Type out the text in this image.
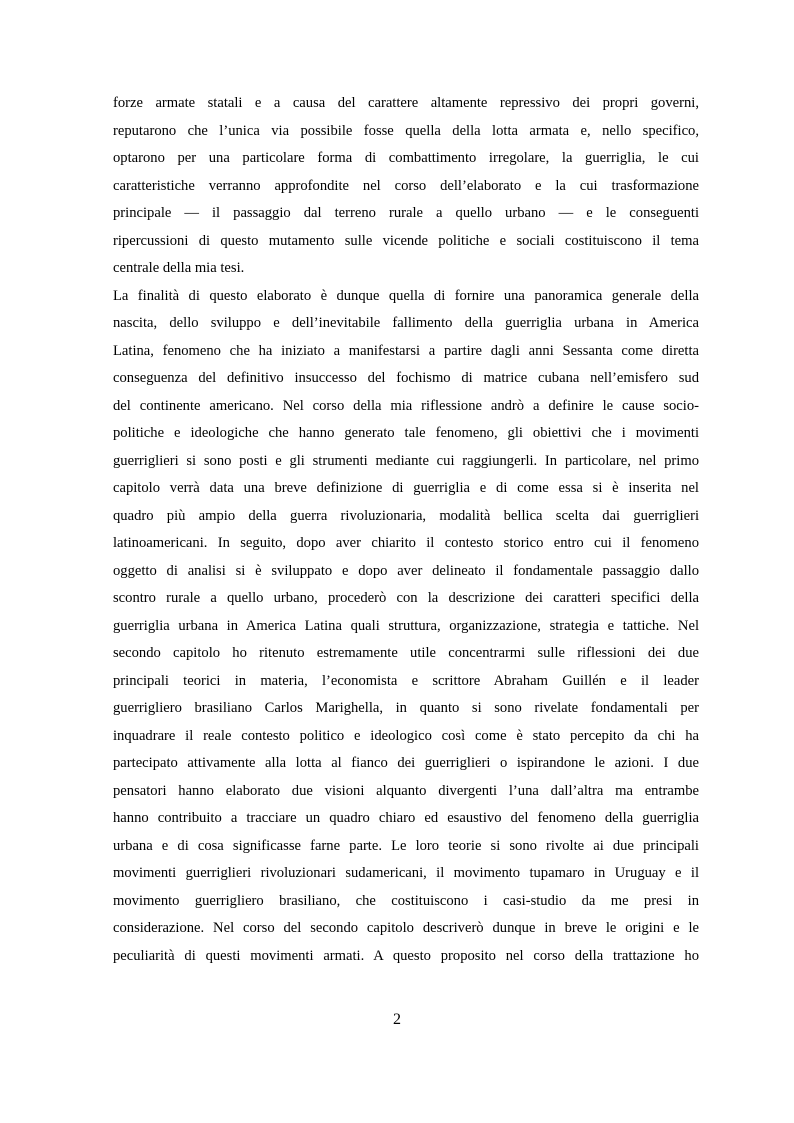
forze armate statali e a causa del carattere altamente repressivo dei propri governi,
reputarono che l’unica via possibile fosse quella della lotta armata e, nello specifico,
optarono per una particolare forma di combattimento irregolare, la guerriglia, le cui
caratteristiche verranno approfondite nel corso dell’elaborato e la cui trasformazione
principale — il passaggio dal terreno rurale a quello urbano — e le conseguenti
ripercussioni di questo mutamento sulle vicende politiche e sociali costituiscono il tema
centrale della mia tesi.
La finalità di questo elaborato è dunque quella di fornire una panoramica generale della
nascita, dello sviluppo e dell’inevitabile fallimento della guerriglia urbana in America
Latina, fenomeno che ha iniziato a manifestarsi a partire dagli anni Sessanta come diretta
conseguenza del definitivo insuccesso del fochismo di matrice cubana nell’emisfero sud
del continente americano. Nel corso della mia riflessione andrò a definire le cause socio-
politiche e ideologiche che hanno generato tale fenomeno, gli obiettivi che i movimenti
guerriglieri si sono posti e gli strumenti mediante cui raggiungerli. In particolare, nel primo
capitolo verrà data una breve definizione di guerriglia e di come essa si è inserita nel
quadro più ampio della guerra rivoluzionaria, modalità bellica scelta dai guerriglieri
latinoamericani. In seguito, dopo aver chiarito il contesto storico entro cui il fenomeno
oggetto di analisi si è sviluppato e dopo aver delineato il fondamentale passaggio dallo
scontro rurale a quello urbano, procederò con la descrizione dei caratteri specifici della
guerriglia urbana in America Latina quali struttura, organizzazione, strategia e tattiche. Nel
secondo capitolo ho ritenuto estremamente utile concentrarmi sulle riflessioni dei due
principali teorici in materia, l’economista e scrittore Abraham Guillén e il leader
guerrigliero brasiliano Carlos Marighella, in quanto si sono rivelate fondamentali per
inquadrare il reale contesto politico e ideologico così come è stato percepito da chi ha
partecipato attivamente alla lotta al fianco dei guerriglieri o ispirandone le azioni. I due
pensatori hanno elaborato due visioni alquanto divergenti l’una dall’altra ma entrambe
hanno contribuito a tracciare un quadro chiaro ed esaustivo del fenomeno della guerriglia
urbana e di cosa significasse farne parte. Le loro teorie si sono rivolte ai due principali
movimenti guerriglieri rivoluzionari sudamericani, il movimento tupamaro in Uruguay e il
movimento guerrigliero brasiliano, che costituiscono i casi-studio da me presi in
considerazione. Nel corso del secondo capitolo descriverò dunque in breve le origini e le
peculiarità di questi movimenti armati. A questo proposito nel corso della trattazione ho
2
